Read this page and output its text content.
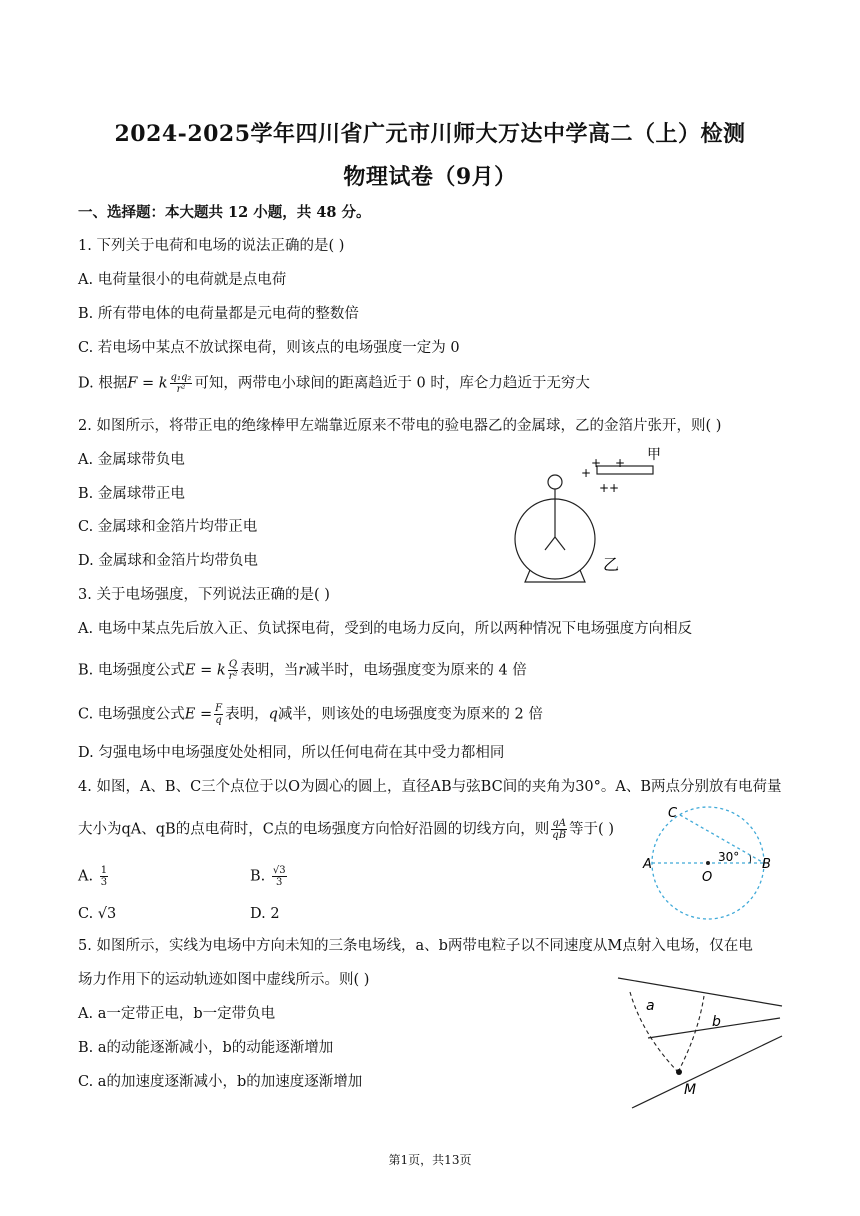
2024-2025学年四川省广元市川师大万达中学高二（上）检测
物理试卷（9月）
一、选择题：本大题共 12 小题，共 48 分。
1. 下列关于电荷和电场的说法正确的是( )
A. 电荷量很小的电荷就是点电荷
B. 所有带电体的电荷量都是元电荷的整数倍
C. 若电场中某点不放试探电荷，则该点的电场强度一定为 0
D. 根据F = k $\frac{\text{q₁q₂}}{\text{r²}}$ 可知，两带电小球间的距离趋近于 0 时，库仑力趋近于无穷大
2. 如图所示，将带正电的绝缘棒甲左端靠近原来不带电的验电器乙的金属球，乙的金箔片张开，则( )
A. 金属球带负电
B. 金属球带正电
C. 金属球和金箔片均带正电
D. 金属球和金箔片均带负电
甲
+
+ +
+ +
乙
3. 关于电场强度，下列说法正确的是( )
A. 电场中某点先后放入正、负试探电荷，受到的电场力反向，所以两种情况下电场强度方向相反
B. 电场强度公式E = k $\frac{Q}{\text{r²}}$ 表明，当r减半时，电场强度变为原来的 4 倍
C. 电场强度公式$E = \frac{F}{q}$ 表明，q减半，则该处的电场强度变为原来的 2 倍
D. 匀强电场中电场强度处处相同，所以任何电荷在其中受力都相同
4. 如图，A、B、C三个点位于以O为圆心的圆上，直径AB与弦BC间的夹角为30°。A、B两点分别放有电荷量
大小为qA、qB的点电荷时，C点的电场强度方向恰好沿圆的切线方向，则 $\frac{qA}{qB}$ 等于( )
A. $\frac{1}{3}$	B. $\frac{√3}{3}$
C. √3	D. 2
C
A	B
O
30°
5. 如图所示，实线为电场中方向未知的三条电场线，a、b两带电粒子以不同速度从M点射入电场，仅在电
场力作用下的运动轨迹如图中虚线所示。则( )
A. a一定带正电，b一定带负电
B. a的动能逐渐减小，b的动能逐渐增加
C. a的加速度逐渐减小，b的加速度逐渐增加
a
b
M
第1页，共13页
